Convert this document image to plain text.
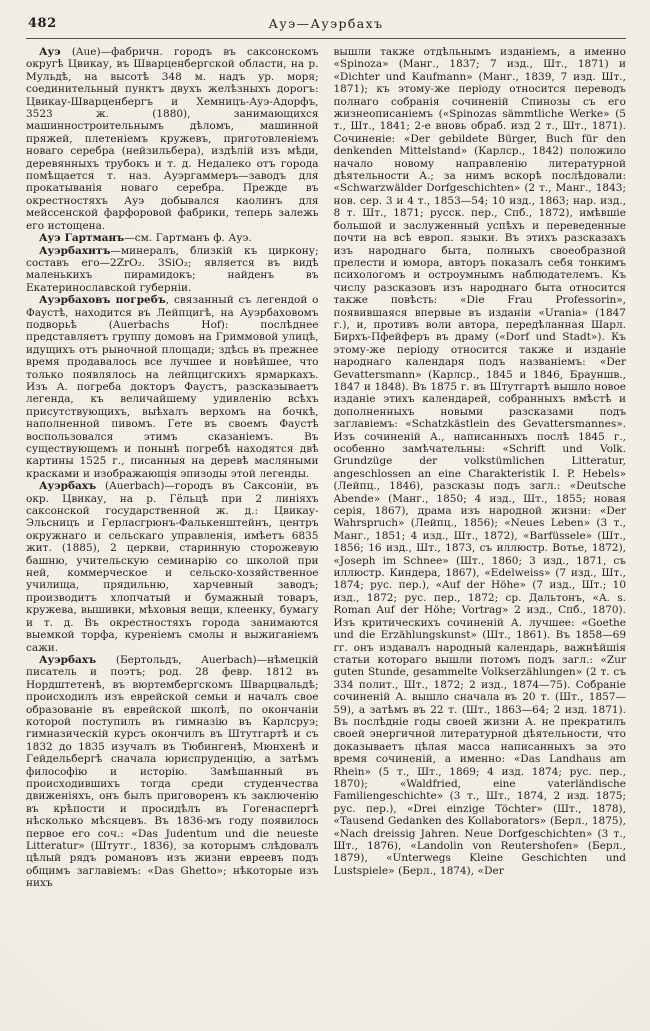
482	Ауэ—Ауэрбахъ

Ауэ (Aue)—фабричн. городъ въ саксонскомъ округѣ Цвикау, въ Шварценбергской области, на р. Мульдѣ, на высотѣ 348 м. надъ ур. моря; соединительный пунктъ двухъ желѣзныхъ дорогъ: Цвикау-Шварценбергъ и Хемницъ-Ауэ-Адорфъ, 3523 ж. (1880), занимающихся машинностроительнымъ дѣломъ, машинной пряжей, плетеніемъ кружевъ, приготовленіемъ новаго серебра (нейзильбера), издѣлій изъ мѣди, деревянныхъ трубокъ и т. д. Недалеко отъ города помѣщается т. наз. Ауэргаммеръ—заводъ для прокатыванія новаго серебра. Прежде въ окрестностяхъ Ауэ добывался каолинъ для мейссенской фарфоровой фабрики, теперь залежь его истощена.

Ауэ Гартманъ—см. Гартманъ ф. Ауэ.

Ауэрбахитъ—минералъ, близкій къ циркону; составъ его—2ZrO₂. 3SiO₂; является въ видѣ маленькихъ пирамидокъ; найденъ въ Екатеринославской губерніи.

Ауэрбаховъ погребъ, связанный съ легендой о Фаустѣ, находится въ Лейпцигѣ, на Ауэрбаховомъ подворьѣ (Auerbachs Hof): послѣднее представляетъ группу домовъ на Гриммовой улицѣ, идущихъ отъ рыночной площади; здѣсь въ прежнее время продавалось все лучшее и новѣйшее, что только появлялось на лейпцигскихъ ярмаркахъ. Изъ А. погреба докторъ Фаустъ, разсказываетъ легенда, къ величайшему удивленію всѣхъ присутствующихъ, выѣхалъ верхомъ на бочкѣ, наполненной пивомъ. Гете въ своемъ Фаустѣ воспользовался этимъ сказаніемъ. Въ существующемъ и понынѣ погребѣ находятся двѣ картины 1525 г., писанныя на деревѣ масляными красками и изображающія эпизоды этой легенды.

Ауэрбахъ (Auerbach)—городъ въ Саксоніи, въ окр. Цвикау, на р. Гёльцѣ при 2 линіяхъ саксонской государственной ж. д.: Цвикау-Эльсницъ и Герласгрюнъ-Фалькенштейнъ, центръ окружнаго и сельскаго управленія, имѣетъ 6835 жит. (1885), 2 церкви, старинную сторожевую башню, учительскую семинарію со школой при ней, коммерческое и сельско-хозяйственное училища, прядильню, харчевный заводъ; производитъ хлопчатый и бумажный товаръ, кружева, вышивки, мѣховыя вещи, клеенку, бумагу и т. д. Въ окрестностяхъ города занимаются выемкой торфа, куреніемъ смолы и выжиганіемъ сажи.

Ауэрбахъ (Бертольдъ, Auerbach)—нѣмецкій писатель и поэтъ; род. 28 февр. 1812 въ Нордштетенѣ, въ вюртембергскомъ Шварцвальдѣ; происходилъ изъ еврейской семьи и началъ свое образованіе въ еврейской школѣ, по окончаніи которой поступилъ въ гимназію въ Карлсруэ; гимназическій курсъ окончилъ въ Штутгартѣ и съ 1832 до 1835 изучалъ въ Тюбингенѣ, Мюнхенѣ и Гейдельбергѣ сначала юриспруденцію, а затѣмъ философію и исторію. Замѣшанный въ происходившихъ тогда среди студенчества движеніяхъ, онъ былъ приговоренъ къ заключенію въ крѣпости и просидѣлъ въ Гогенаспергѣ нѣсколько мѣсяцевъ. Въ 1836-мъ году появилось первое его соч.: «Das Judentum und die neueste Litteratur» (Штутг., 1836), за которымъ слѣдовалъ цѣлый рядъ романовъ изъ жизни евреевъ подъ общимъ заглавіемъ: «Das Ghetto»; нѣкоторые изъ нихъ

вышли также отдѣльнымъ изданіемъ, а именно «Spinoza» (Манг., 1837; 7 изд., Шт., 1871) и «Dichter und Kaufmann» (Манг., 1839, 7 изд. Шт., 1871); къ этому-же періоду относится переводъ полнаго собранія сочиненій Спинозы съ его жизнеописаніемъ («Spinozas sämmtliche Werke» (5 т., Шт., 1841; 2-е вновь обраб. изд 2 т., Шт., 1871). Сочиненіе: «Der gebildete Bürger, Buch für den denkenden Mittelstand» (Карлср., 1842) положило начало новому направленію литературной дѣятельности А.; за нимъ вскорѣ послѣдовали: «Schwarzwälder Dorfgeschichten» (2 т., Манг., 1843; нов. сер. 3 и 4 т., 1853—54; 10 изд., 1863; нар. изд., 8 т. Шт., 1871; русск. пер., Спб., 1872), имѣвшіе большой и заслуженный успѣхъ и переведенные почти на всѣ европ. языки. Въ этихъ разсказахъ изъ народнаго быта, полныхъ своеобразной прелести и юмора, авторъ показалъ себя тонкимъ психологомъ и остроумнымъ наблюдателемъ. Къ числу разсказовъ изъ народнаго быта относится также повѣсть: «Die Frau Professorin», появившаяся впервые въ изданіи «Urania» (1847 г.), и, противъ воли автора, передѣланная Шарл. Бирхъ-Пфейферъ въ драму («Dorf und Stadt»). Къ этому-же періоду относится также и изданіе народнаго календаря подъ названіемъ: «Der Gevattersmann» (Карлср., 1845 и 1846, Брауншв., 1847 и 1848). Въ 1875 г. въ Штутгартѣ вышло новое изданіе этихъ календарей, собранныхъ вмѣстѣ и дополненныхъ новыми разсказами подъ заглавіемъ: «Schatzkästlein des Gevattersmannes». Изъ сочиненій А., написанныхъ послѣ 1845 г., особенно замѣчательны: «Schrift und Volk. Grundzüge der volkstümlichen Litteratur, angeschlossen an eine Charakteristik I. P. Hebels» (Лейпц., 1846), разсказы подъ загл.: «Deutsche Abende» (Манг., 1850; 4 изд., Шт., 1855; новая серія, 1867), драма изъ народной жизни: «Der Wahrspruch» (Лейпц., 1856); «Neues Leben» (3 т., Манг., 1851; 4 изд., Шт., 1872), «Barfüssele» (Шт., 1856; 16 изд., Шт., 1873, съ иллюстр. Вотье, 1872), «Joseph im Schnee» (Шт., 1860; 3 изд., 1871, съ иллюстр. Киндера, 1867), «Edelweiss» (7 изд., Шт., 1874; рус. пер.), «Auf der Höhe» (7 изд., Шт.; 10 изд., 1872; рус. пер., 1872; ср. Дальтонъ, «A. s. Roman Auf der Höhe; Vortrag» 2 изд., Спб., 1870). Изъ критическихъ сочиненій А. лучшее: «Goethe und die Erzählungskunst» (Шт., 1861). Въ 1858—69 гг. онъ издавалъ народный календарь, важнѣйшія статьи котораго вышли потомъ подъ загл.: «Zur guten Stunde, gesammelte Volkserzählungen» (2 т. съ 334 полит., Шт., 1872; 2 изд., 1874—75). Собраніе сочиненій А. вышло сначала въ 20 т. (Шт., 1857—59), а затѣмъ въ 22 т. (Шт., 1863—64; 2 изд. 1871). Въ послѣдніе годы своей жизни А. не прекратилъ своей энергичной литературной дѣятельности, что доказываетъ цѣлая масса написанныхъ за это время сочиненій, а именно: «Das Landhaus am Rhein» (5 т., Шт., 1869; 4 изд. 1874; рус. пер., 1870); «Waldfried, eine vaterländische Familiengeschichte» (3 т., Шт., 1874, 2 изд. 1875; рус. пер.), «Drei einzige Töchter» (Шт., 1878), «Tausend Gedanken des Kollaborators» (Берл., 1875), «Nach dreissig Jahren. Neue Dorfgeschichten» (3 т., Шт., 1876), «Landolin von Reutershofen» (Берл., 1879), «Unterwegs Kleine Geschichten und Lustspiele» (Берл., 1874), «Der
